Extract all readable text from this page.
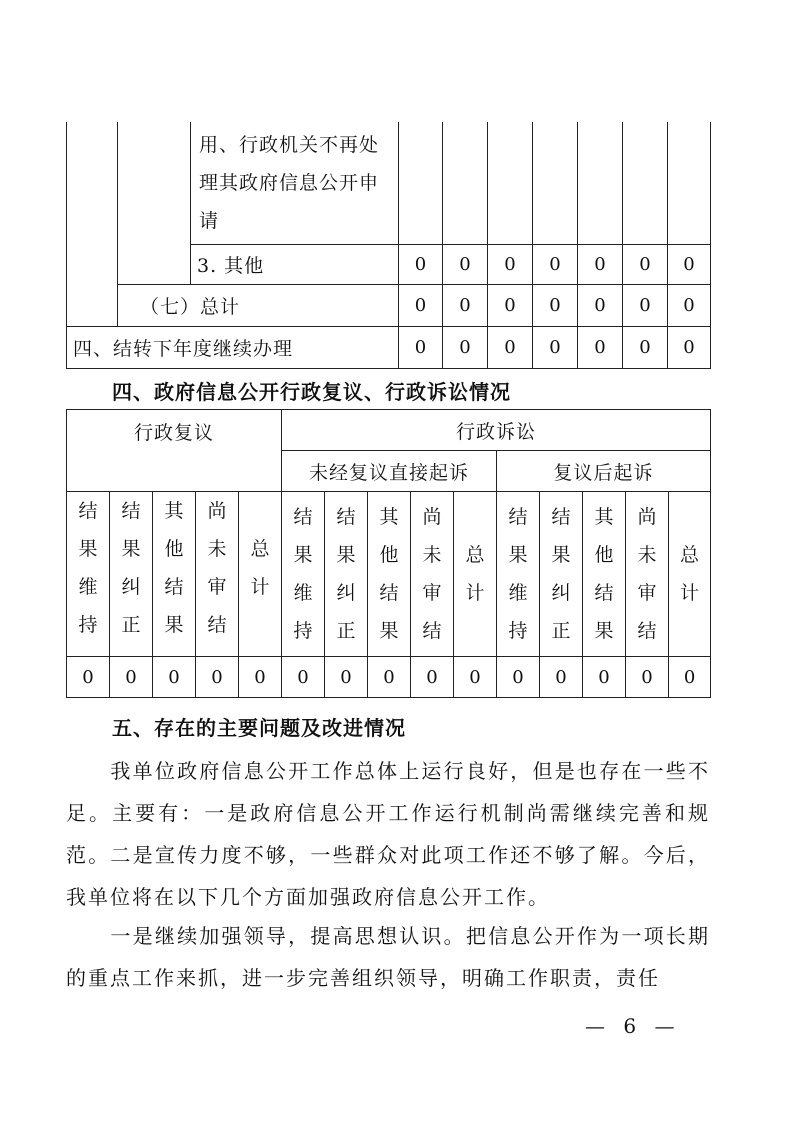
		用、行政机关不再处
理其政府信息公开申
请							

		3. 其他	0	0	0	0	0	0	0
	（七）总计		0	0	0	0	0	0	0
四、结转下年度继续办理			0	0	0	0	0	0	0
四、政府信息公开行政复议、行政诉讼情况
行政复议					行政诉讼									
					未经复议直接起诉					复议后起诉				

结
果
维
持	结
果
纠
正	其
他
结
果	尚
未
审
结	总
计	结
果
维
持	结
果
纠
正	其
他
结
果	尚
未
审
结	总
计	结
果
维
持	结
果
纠
正	其
他
结
果	尚
未
审
结	总
计

0	0	0	0	0	0	0	0	0	0	0	0	0	0	0
五、存在的主要问题及改进情况

　　我单位政府信息公开工作总体上运行良好，但是也存在一些不足。主要有：一是政府信息公开工作运行机制尚需继续完善和规范。二是宣传力度不够，一些群众对此项工作还不够了解。今后，我单位将在以下几个方面加强政府信息公开工作。

　　一是继续加强领导，提高思想认识。把信息公开作为一项长期的重点工作来抓，进一步完善组织领导，明确工作职责，责任

— 6 —
